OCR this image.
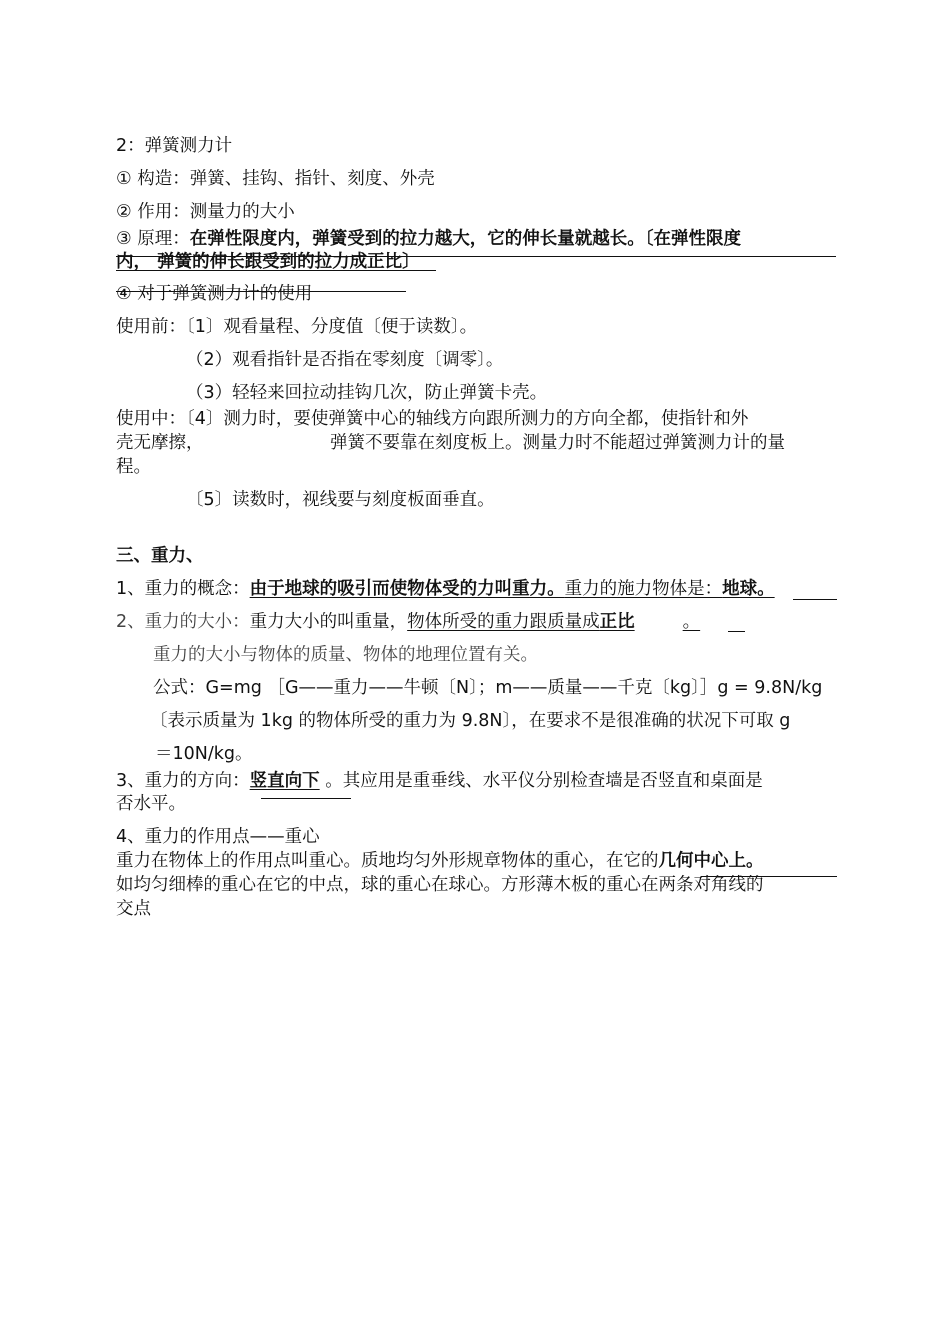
2：弹簧测力计
① 构造：弹簧、挂钩、指针、刻度、外壳
② 作用：测量力的大小
③ 原理：在弹性限度内，弹簧受到的拉力越大，它的伸长量就越长。〔在弹性限度
内， 弹簧的伸长跟受到的拉力成正比〕
④ 对于弹簧测力计的使用
使用前：〔1〕观看量程、分度值〔便于读数〕。
（2）观看指针是否指在零刻度〔调零〕。
（3）轻轻来回拉动挂钩几次，防止弹簧卡壳。
使用中：〔4〕测力时，要使弹簧中心的轴线方向跟所测力的方向全都，使指针和外
壳无摩擦，	弹簧不要靠在刻度板上。测量力时不能超过弹簧测力计的量
程。
〔5〕读数时，视线要与刻度板面垂直。
三、重力、
1、重力的概念：由于地球的吸引而使物体受的力叫重力。重力的施力物体是：地球。
2、重力的大小：重力大小的叫重量，物体所受的重力跟质量成正比	。
重力的大小与物体的质量、物体的地理位置有关。
公式：G=mg ［G——重力——牛顿〔N〕；m——质量——千克〔kg〕］g = 9.8N/kg
〔表示质量为 1kg 的物体所受的重力为 9.8N〕，在要求不是很准确的状况下可取 g
＝10N/kg。
3、重力的方向：竖直向下 。其应用是重垂线、水平仪分别检查墙是否竖直和桌面是
否水平。
4、重力的作用点——重心
重力在物体上的作用点叫重心。质地均匀外形规章物体的重心，在它的几何中心上。
如均匀细棒的重心在它的中点，球的重心在球心。方形薄木板的重心在两条对角线的
交点
